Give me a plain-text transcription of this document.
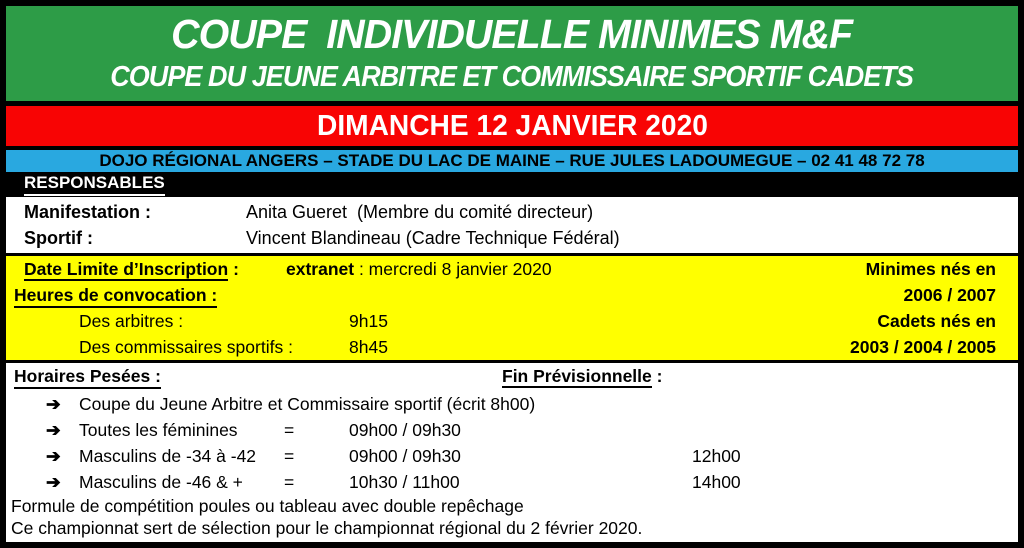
COUPE  INDIVIDUELLE MINIMES M&F
COUPE DU JEUNE ARBITRE ET COMMISSAIRE SPORTIF CADETS
DIMANCHE 12 JANVIER 2020
DOJO RÉGIONAL ANGERS – STADE DU LAC DE MAINE – RUE JULES LADOUMEGUE – 02 41 48 72 78
RESPONSABLES
Manifestation :	Anita Gueret  (Membre du comité directeur)
Sportif :	Vincent Blandineau (Cadre Technique Fédéral)
Minimes nés en
2006 / 2007
Cadets nés en
2003 / 2004 / 2005
Date Limite d’Inscription :	extranet : mercredi 8 janvier 2020
Heures de convocation :
Des arbitres :	9h15
Des commissaires sportifs :	8h45
Horaires Pesées :	Fin Prévisionnelle :
➔ Coupe du Jeune Arbitre et Commissaire sportif (écrit 8h00)
➔ Toutes les féminines	=	09h00 / 09h30
➔ Masculins de -34 à -42 =	09h00 / 09h30	12h00
➔ Masculins de -46 & + =	10h30 / 11h00	14h00
Formule de compétition poules ou tableau avec double repêchage
Ce championnat sert de sélection pour le championnat régional du 2 février 2020.
